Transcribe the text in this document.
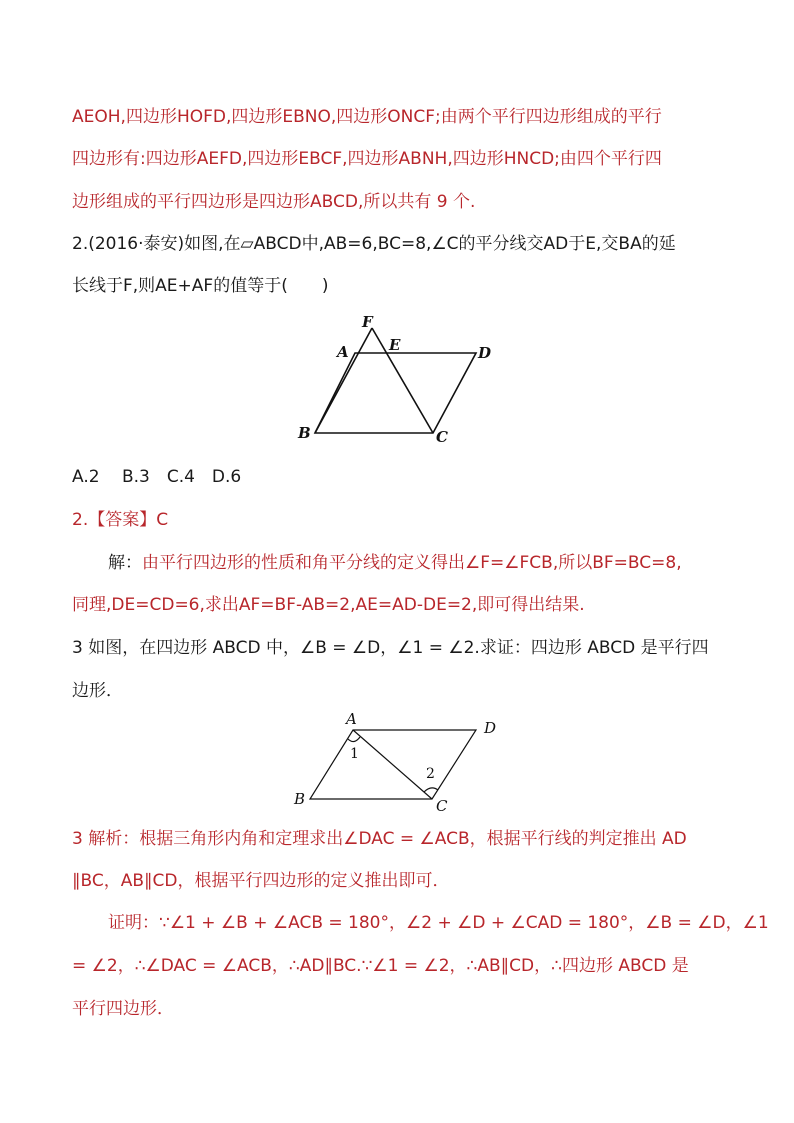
AEOH,四边形HOFD,四边形EBNO,四边形ONCF;由两个平行四边形组成的平行
四边形有:四边形AEFD,四边形EBCF,四边形ABNH,四边形HNCD;由四个平行四
边形组成的平行四边形是四边形ABCD,所以共有 9 个.
2.(2016·泰安)如图,在▱ABCD中,AB=6,BC=8,∠C的平分线交AD于E,交BA的延
长线于F,则AE+AF的值等于(　　)
F
A	E	D
B	C
A.2　 B.3　C.4　D.6
2.【答案】C
解：由平行四边形的性质和角平分线的定义得出∠F=∠FCB,所以BF=BC=8,
同理,DE=CD=6,求出AF=BF-AB=2,AE=AD-DE=2,即可得出结果.
3 如图，在四边形 ABCD 中，∠B = ∠D，∠1 = ∠2.求证：四边形 ABCD 是平行四
边形．
A	D
B	C
1
2
3 解析：根据三角形内角和定理求出∠DAC = ∠ACB，根据平行线的判定推出 AD
∥BC，AB∥CD，根据平行四边形的定义推出即可．
证明：∵∠1 + ∠B + ∠ACB = 180°，∠2 + ∠D + ∠CAD = 180°，∠B = ∠D，∠1
= ∠2，∴∠DAC = ∠ACB，∴AD∥BC.∵∠1 = ∠2，∴AB∥CD，∴四边形 ABCD 是
平行四边形．
